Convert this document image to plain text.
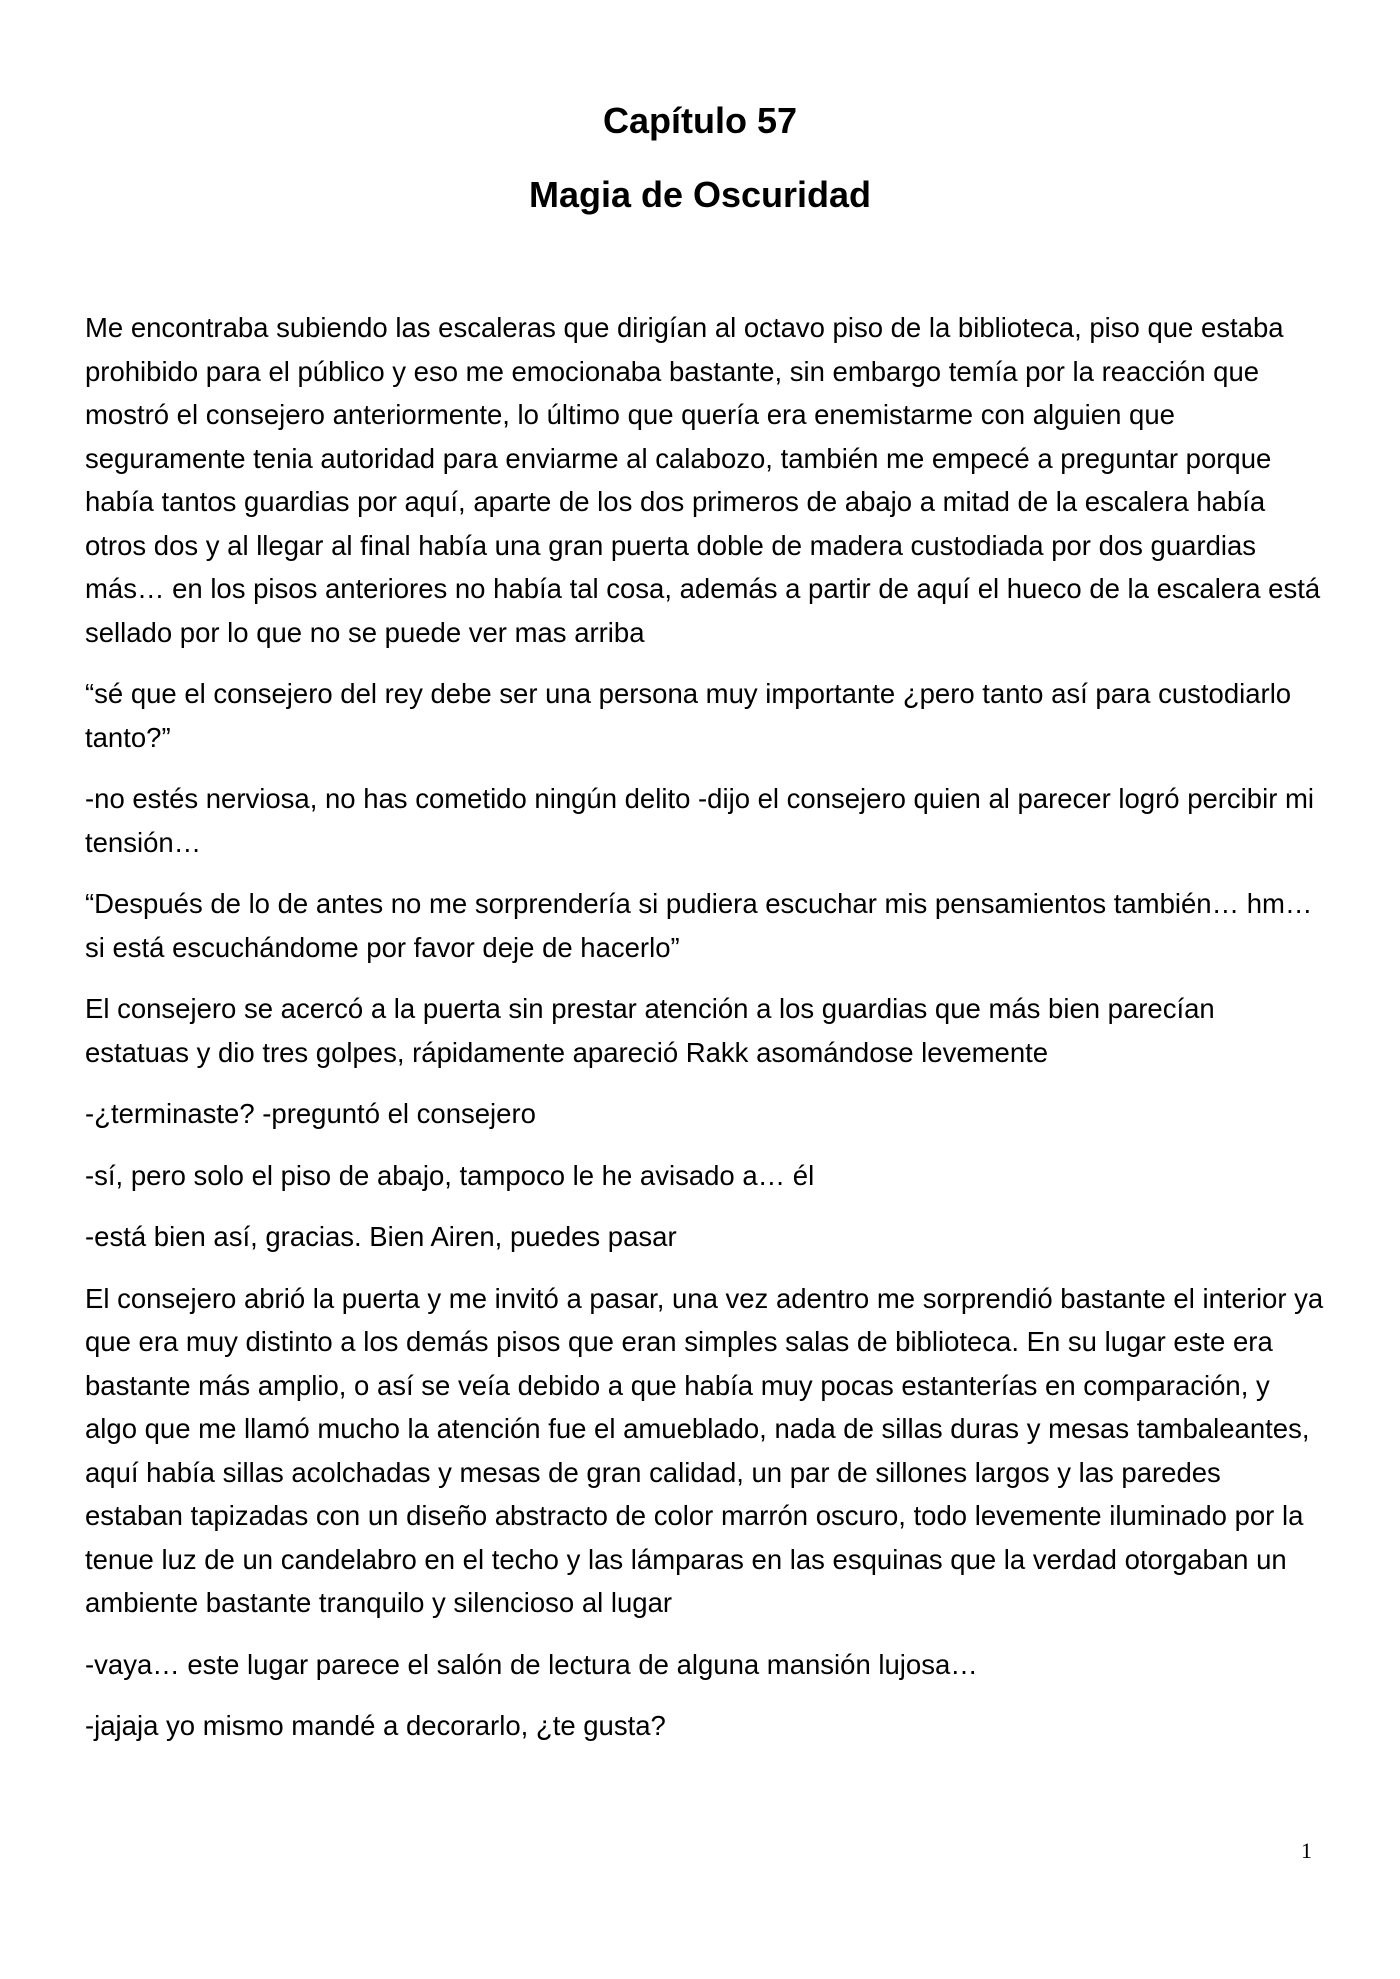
Capítulo 57
Magia de Oscuridad

Me encontraba subiendo las escaleras que dirigían al octavo piso de la biblioteca, piso que estaba prohibido para el público y eso me emocionaba bastante, sin embargo temía por la reacción que mostró el consejero anteriormente, lo último que quería era enemistarme con alguien que seguramente tenia autoridad para enviarme al calabozo, también me empecé a preguntar porque había tantos guardias por aquí, aparte de los dos primeros de abajo a mitad de la escalera había otros dos y al llegar al final había una gran puerta doble de madera custodiada por dos guardias más… en los pisos anteriores no había tal cosa, además a partir de aquí el hueco de la escalera está sellado por lo que no se puede ver mas arriba

“sé que el consejero del rey debe ser una persona muy importante ¿pero tanto así para custodiarlo tanto?”

-no estés nerviosa, no has cometido ningún delito -dijo el consejero quien al parecer logró percibir mi tensión…

“Después de lo de antes no me sorprendería si pudiera escuchar mis pensamientos también… hm… si está escuchándome por favor deje de hacerlo”

El consejero se acercó a la puerta sin prestar atención a los guardias que más bien parecían estatuas y dio tres golpes, rápidamente apareció Rakk asomándose levemente

-¿terminaste? -preguntó el consejero

-sí, pero solo el piso de abajo, tampoco le he avisado a… él

-está bien así, gracias. Bien Airen, puedes pasar

El consejero abrió la puerta y me invitó a pasar, una vez adentro me sorprendió bastante el interior ya que era muy distinto a los demás pisos que eran simples salas de biblioteca. En su lugar este era bastante más amplio, o así se veía debido a que había muy pocas estanterías en comparación, y algo que me llamó mucho la atención fue el amueblado, nada de sillas duras y mesas tambaleantes, aquí había sillas acolchadas y mesas de gran calidad, un par de sillones largos y las paredes estaban tapizadas con un diseño abstracto de color marrón oscuro, todo levemente iluminado por la tenue luz de un candelabro en el techo y las lámparas en las esquinas que la verdad otorgaban un ambiente bastante tranquilo y silencioso al lugar

-vaya… este lugar parece el salón de lectura de alguna mansión lujosa…

-jajaja yo mismo mandé a decorarlo, ¿te gusta?

1
